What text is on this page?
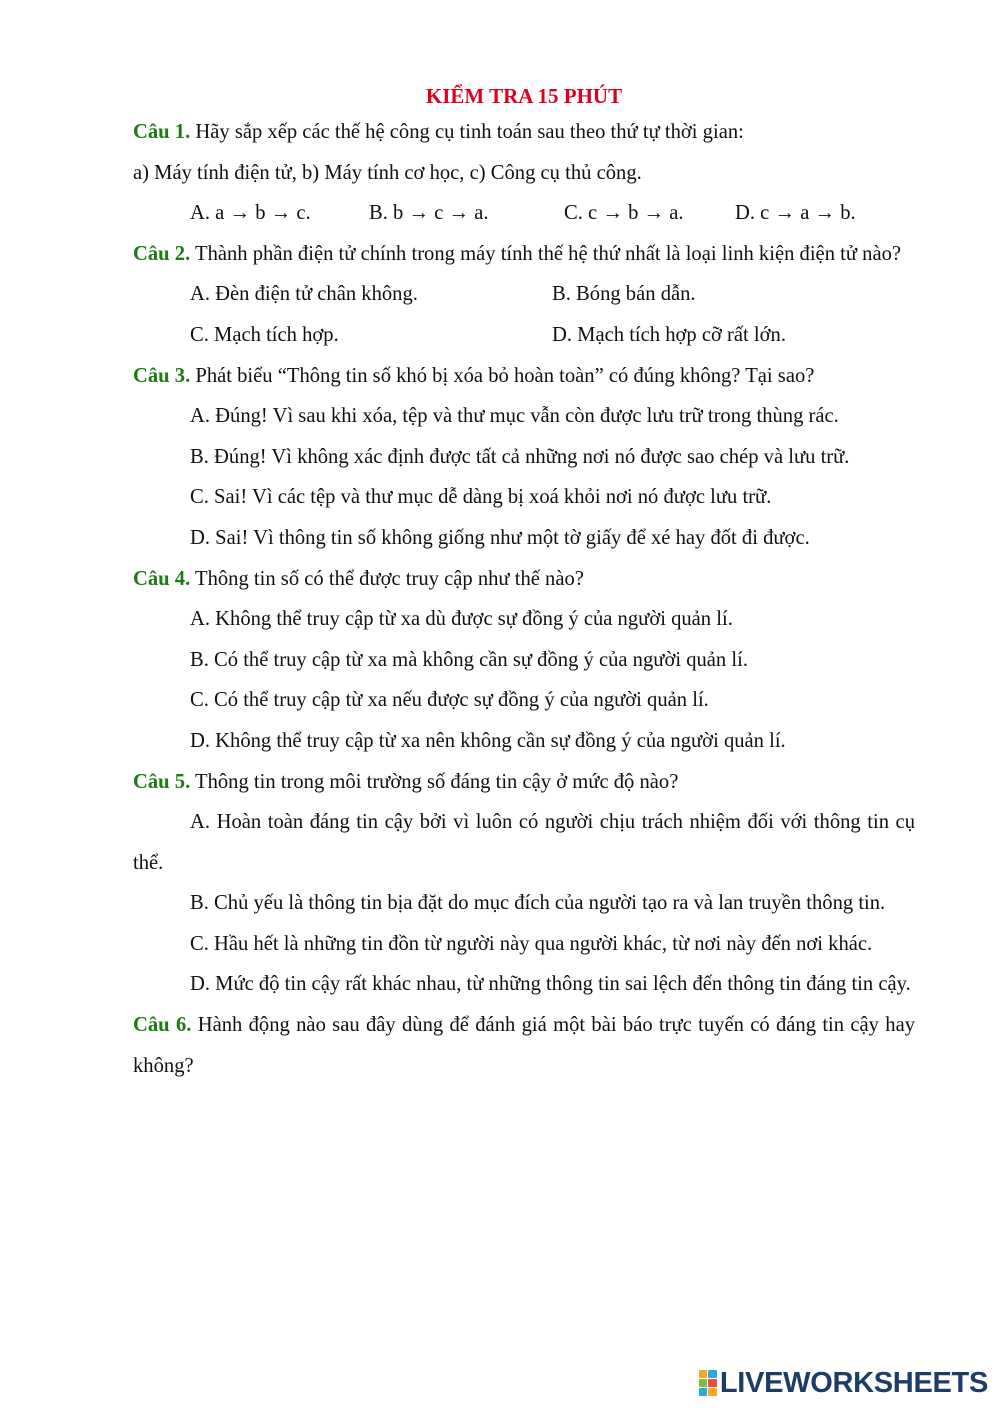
KIỂM TRA 15 PHÚT

Câu 1. Hãy sắp xếp các thế hệ công cụ tinh toán sau theo thứ tự thời gian:

a) Máy tính điện tử, b) Máy tính cơ học, c) Công cụ thủ công.

A. a → b → c.	B. b → c → a.	C. c → b → a.	D. c → a → b.

Câu 2. Thành phần điện tử chính trong máy tính thế hệ thứ nhất là loại linh kiện điện tử nào?

A. Đèn điện tử chân không.	B. Bóng bán dẫn.
C. Mạch tích hợp.	D. Mạch tích hợp cỡ rất lớn.

Câu 3. Phát biểu “Thông tin số khó bị xóa bỏ hoàn toàn” có đúng không? Tại sao?

A. Đúng! Vì sau khi xóa, tệp và thư mục vẫn còn được lưu trữ trong thùng rác.

B. Đúng! Vì không xác định được tất cả những nơi nó được sao chép và lưu trữ.

C. Sai! Vì các tệp và thư mục dễ dàng bị xoá khỏi nơi nó được lưu trữ.

D. Sai! Vì thông tin số không giống như một tờ giấy để xé hay đốt đi được.

Câu 4. Thông tin số có thể được truy cập như thế nào?

A. Không thể truy cập từ xa dù được sự đồng ý của người quản lí.

B. Có thể truy cập từ xa mà không cần sự đồng ý của người quản lí.

C. Có thể truy cập từ xa nếu được sự đồng ý của người quản lí.

D. Không thể truy cập từ xa nên không cần sự đồng ý của người quản lí.

Câu 5. Thông tin trong môi trường số đáng tin cậy ở mức độ nào?

A. Hoàn toàn đáng tin cậy bởi vì luôn có người chịu trách nhiệm đối với thông tin cụ thể.

B. Chủ yếu là thông tin bịa đặt do mục đích của người tạo ra và lan truyền thông tin.

C. Hầu hết là những tin đồn từ người này qua người khác, từ nơi này đến nơi khác.

D. Mức độ tin cậy rất khác nhau, từ những thông tin sai lệch đến thông tin đáng tin cậy.

Câu 6. Hành động nào sau đây dùng để đánh giá một bài báo trực tuyến có đáng tin cậy hay không?

LIVEWORKSHEETS
